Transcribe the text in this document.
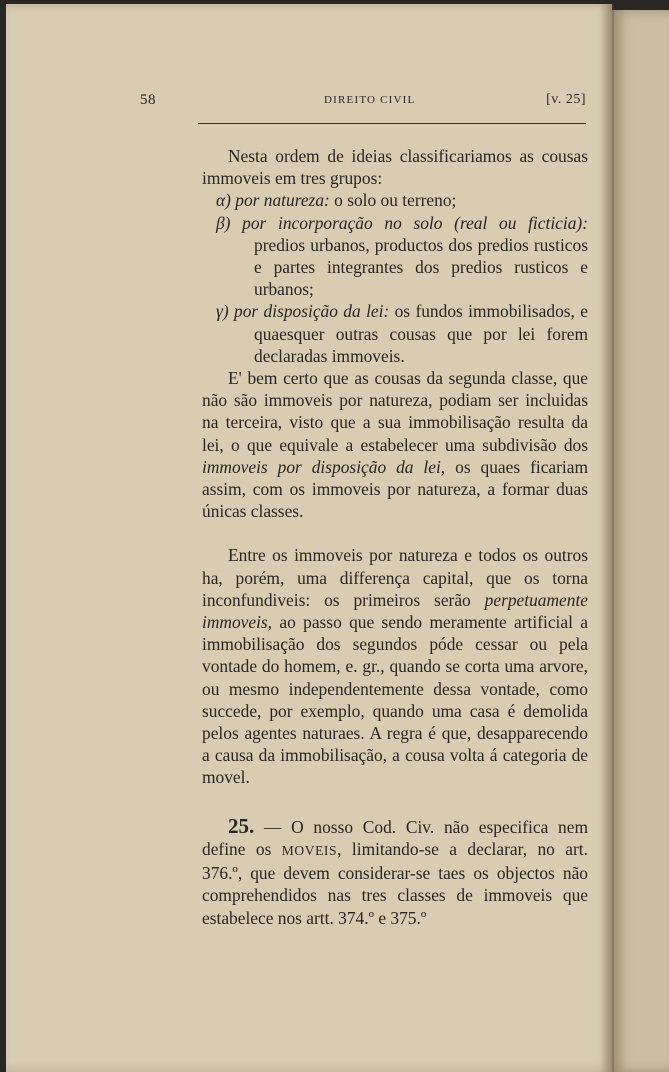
58	DIREITO CIVIL	[v. 25]

Nesta ordem de ideias classificariamos as cousas immoveis em tres grupos:

α) por natureza: o solo ou terreno;

β) por incorporação no solo (real ou ficticia): predios urbanos, productos dos predios rusticos e partes integrantes dos predios rusticos e urbanos;

γ) por disposição da lei: os fundos immobilisados, e quaesquer outras cousas que por lei forem declaradas immoveis.

E' bem certo que as cousas da segunda classe, que não são immoveis por natureza, podiam ser incluidas na terceira, visto que a sua immobilisação resulta da lei, o que equivale a estabelecer uma subdivisão dos immoveis por disposição da lei, os quaes ficariam assim, com os immoveis por natureza, a formar duas únicas classes.

Entre os immoveis por natureza e todos os outros ha, porém, uma differença capital, que os torna inconfundiveis: os primeiros serão perpetuamente immoveis, ao passo que sendo meramente artificial a immobilisação dos segundos póde cessar ou pela vontade do homem, e. gr., quando se corta uma arvore, ou mesmo independentemente dessa vontade, como succede, por exemplo, quando uma casa é demolida pelos agentes naturaes. A regra é que, desapparecendo a causa da immobilisação, a cousa volta á categoria de movel.

25. — O nosso Cod. Civ. não especifica nem define os MOVEIS, limitando-se a declarar, no art. 376.º, que devem considerar-se taes os objectos não comprehendidos nas tres classes de immoveis que estabelece nos artt. 374.º e 375.º
